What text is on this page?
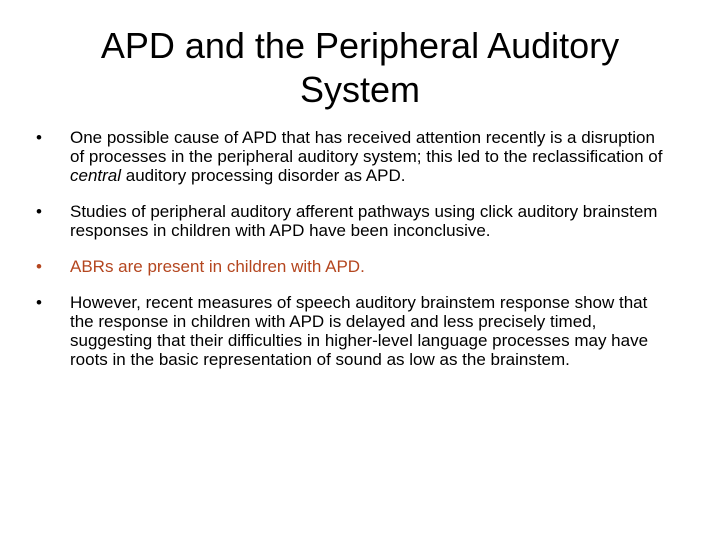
APD and the Peripheral Auditory System
•	One possible cause of APD that has received attention recently is a disruption of processes in the peripheral auditory system; this led to the reclassification of central auditory processing disorder as APD.
•	Studies of peripheral auditory afferent pathways using click auditory brainstem responses in children with APD have been inconclusive.
•	ABRs are present in children with APD.
•	However, recent measures of speech auditory brainstem response show that the response in children with APD is delayed and less precisely timed, suggesting that their difficulties in higher-level language processes may have roots in the basic representation of sound as low as the brainstem.
